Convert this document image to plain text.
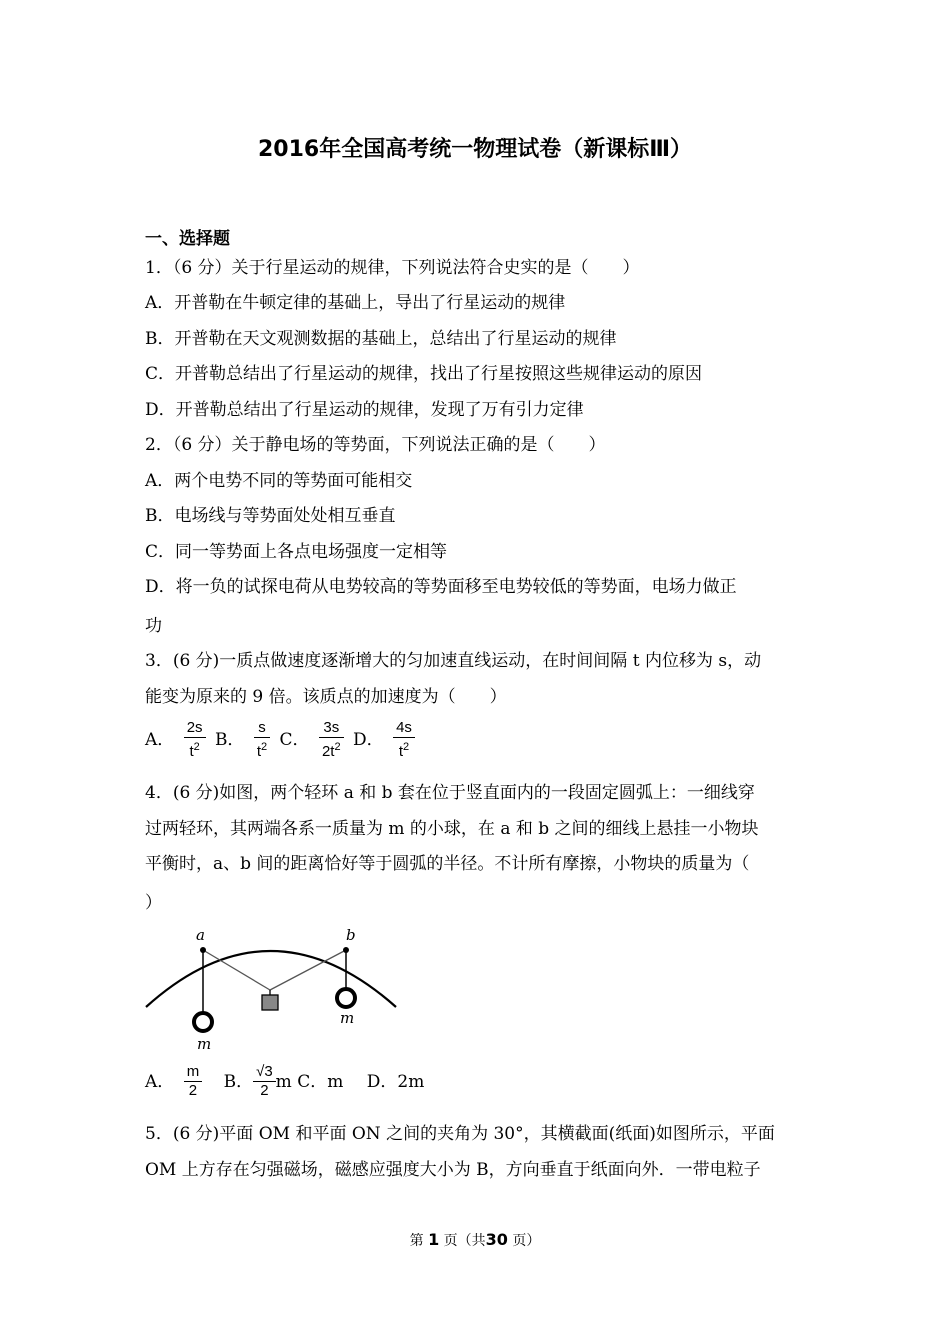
2016年全国高考统一物理试卷（新课标Ⅲ）
一、选择题
1．（6 分）关于行星运动的规律，下列说法符合史实的是（　　）
A．开普勒在牛顿定律的基础上，导出了行星运动的规律
B．开普勒在天文观测数据的基础上，总结出了行星运动的规律
C．开普勒总结出了行星运动的规律，找出了行星按照这些规律运动的原因
D．开普勒总结出了行星运动的规律，发现了万有引力定律
2．（6 分）关于静电场的等势面，下列说法正确的是（　　）
A．两个电势不同的等势面可能相交
B．电场线与等势面处处相互垂直
C．同一等势面上各点电场强度一定相等
D．将一负的试探电荷从电势较高的等势面移至电势较低的等势面，电场力做正
功
3．(6 分)一质点做速度逐渐增大的匀加速直线运动，在时间间隔 t 内位移为 s，动
能变为原来的 9 倍。该质点的加速度为（　　）
A． $\frac{2s}{t^2}$ B． $\frac{s}{t^2}$ C． $\frac{3s}{2t^2}$ D． $\frac{4s}{t^2}$
4．(6 分)如图，两个轻环 a 和 b 套在位于竖直面内的一段固定圆弧上：一细线穿
过两轻环，其两端各系一质量为 m 的小球，在 a 和 b 之间的细线上悬挂一小物块
平衡时，a、b 间的距离恰好等于圆弧的半径。不计所有摩擦，小物块的质量为（
）
a	b
m
m
A． $\frac{m}{2}$ B． $\frac{√3}{2}$ m C．m D．2m
5．(6 分)平面 OM 和平面 ON 之间的夹角为 30°，其横截面(纸面)如图所示，平面
OM 上方存在匀强磁场，磁感应强度大小为 B，方向垂直于纸面向外．一带电粒子
第 1 页（共30 页）
